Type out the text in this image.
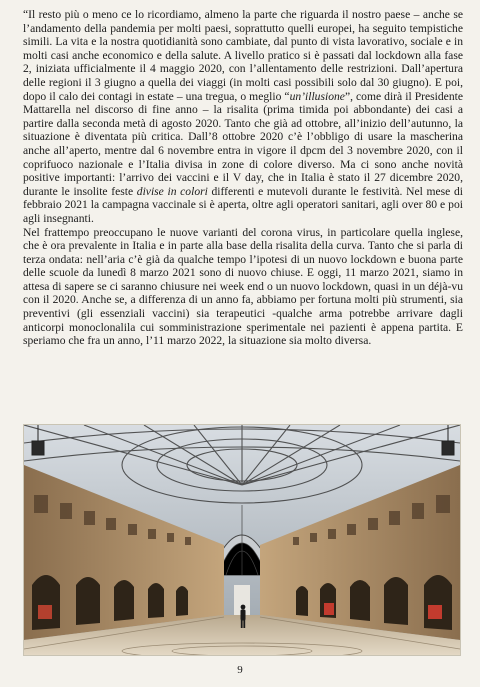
“Il resto più o meno ce lo ricordiamo, almeno la parte che riguarda il nostro paese – anche se l’andamento della pandemia per molti paesi, soprattutto quelli europei, ha seguito tempistiche simili. La vita e la nostra quotidianità sono cambiate, dal punto di vista lavorativo, sociale e in molti casi anche economico e della salute. A livello pratico si è passati dal lockdown alla fase 2, iniziata ufficialmente il 4 maggio 2020, con l’allentamento delle restrizioni. Dall’apertura delle regioni il 3 giugno a quella dei viaggi (in molti casi possibili solo dal 30 giugno). E poi, dopo il calo dei contagi in estate – una tregua, o meglio “un’illusione”, come dirà il Presidente Mattarella nel discorso di fine anno – la risalita (prima timida poi abbondante) dei casi a partire dalla seconda metà di agosto 2020. Tanto che già ad ottobre, all’inizio dell’autunno, la situazione è diventata più critica. Dall’8 ottobre 2020 c’è l’obbligo di usare la mascherina anche all’aperto, mentre dal 6 novembre entra in vigore il dpcm del 3 novembre 2020, con il coprifuoco nazionale e l’Italia divisa in zone di colore diverso. Ma ci sono anche novità positive importanti: l’arrivo dei vaccini e il V day, che in Italia è stato il 27 dicembre 2020, durante le insolite feste divise in colori differenti e mutevoli durante le festività. Nel mese di febbraio 2021 la campagna vaccinale si è aperta, oltre agli operatori sanitari, agli over 80 e poi agli insegnanti.

Nel frattempo preoccupano le nuove varianti del corona virus, in particolare quella inglese, che è ora prevalente in Italia e in parte alla base della risalita della curva. Tanto che si parla di terza ondata: nell’aria c’è già da qualche tempo l’ipotesi di un nuovo lockdown e buona parte delle scuole da lunedì 8 marzo 2021 sono di nuovo chiuse. E oggi, 11 marzo 2021, siamo in attesa di sapere se ci saranno chiusure nei week end o un nuovo lockdown, quasi in un déjà-vu con il 2020. Anche se, a differenza di un anno fa, abbiamo per fortuna molti più strumenti, sia preventivi (gli essenziali vaccini) sia terapeutici -qualche arma potrebbe arrivare dagli anticorpi monoclonalila cui somministrazione sperimentale nei pazienti è appena partita. E speriamo che fra un anno, l’11 marzo 2022, la situazione sia molto diversa.

9
